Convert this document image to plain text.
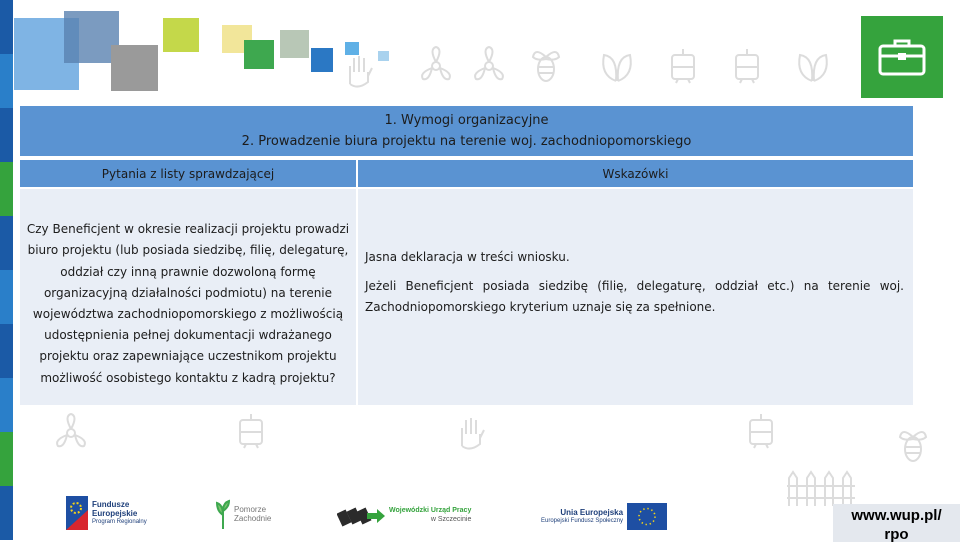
1. Wymogi organizacyjne
2. Prowadzenie biura projektu na terenie woj. zachodniopomorskiego
Pytania z listy sprawdzającej	Wskazówki
Czy Beneficjent w okresie realizacji projektu prowadzi biuro projektu (lub posiada siedzibę, filię, delegaturę, oddział czy inną prawnie dozwoloną formę organizacyjną działalności podmiotu) na terenie województwa zachodniopomorskiego z możliwością udostępnienia pełnej dokumentacji wdrażanego projektu oraz zapewniające uczestnikom projektu możliwość osobistego kontaktu z kadrą projektu?

Jasna deklaracja w treści wniosku.

Jeżeli Beneficjent posiada siedzibę (filię, delegaturę, oddział etc.) na terenie woj. Zachodniopomorskiego kryterium uznaje się za spełnione.

Fundusze
Europejskie
Program Regionalny
Pomorze
Zachodnie
Wojewódzki Urząd Pracy
w Szczecinie
Unia Europejska
Europejski Fundusz Społeczny	www.wup.pl/
rpo
